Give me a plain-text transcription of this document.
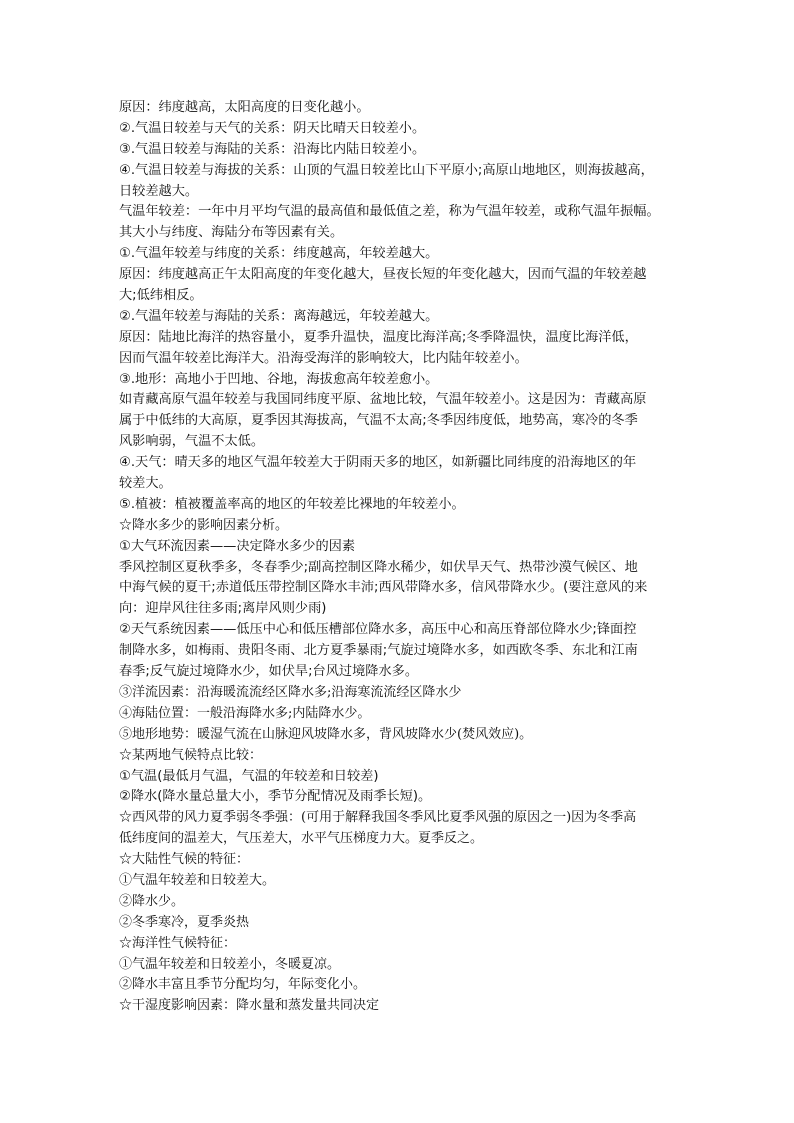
原因：纬度越高，太阳高度的日变化越小。
②.气温日较差与天气的关系：阴天比晴天日较差小。
③.气温日较差与海陆的关系：沿海比内陆日较差小。
④.气温日较差与海拔的关系：山顶的气温日较差比山下平原小;高原山地地区，则海拔越高，
日较差越大。
气温年较差：一年中月平均气温的最高值和最低值之差，称为气温年较差，或称气温年振幅。
其大小与纬度、海陆分布等因素有关。
①.气温年较差与纬度的关系：纬度越高，年较差越大。
原因：纬度越高正午太阳高度的年变化越大，昼夜长短的年变化越大，因而气温的年较差越
大;低纬相反。
②.气温年较差与海陆的关系：离海越远，年较差越大。
原因：陆地比海洋的热容量小，夏季升温快，温度比海洋高;冬季降温快，温度比海洋低，
因而气温年较差比海洋大。沿海受海洋的影响较大，比内陆年较差小。
③.地形：高地小于凹地、谷地，海拔愈高年较差愈小。
如青藏高原气温年较差与我国同纬度平原、盆地比较，气温年较差小。这是因为：青藏高原
属于中低纬的大高原，夏季因其海拔高，气温不太高;冬季因纬度低，地势高，寒冷的冬季
风影响弱，气温不太低。
④.天气：晴天多的地区气温年较差大于阴雨天多的地区，如新疆比同纬度的沿海地区的年
较差大。
⑤.植被：植被覆盖率高的地区的年较差比裸地的年较差小。
☆降水多少的影响因素分析。
①大气环流因素——决定降水多少的因素
季风控制区夏秋季多，冬春季少;副高控制区降水稀少，如伏旱天气、热带沙漠气候区、地
中海气候的夏干;赤道低压带控制区降水丰沛;西风带降水多，信风带降水少。(要注意风的来
向：迎岸风往往多雨;离岸风则少雨)
②天气系统因素——低压中心和低压槽部位降水多，高压中心和高压脊部位降水少;锋面控
制降水多，如梅雨、贵阳冬雨、北方夏季暴雨;气旋过境降水多，如西欧冬季、东北和江南
春季;反气旋过境降水少，如伏旱;台风过境降水多。
③洋流因素：沿海暖流流经区降水多;沿海寒流流经区降水少
④海陆位置：一般沿海降水多;内陆降水少。
⑤地形地势：暖湿气流在山脉迎风坡降水多，背风坡降水少(焚风效应)。
☆某两地气候特点比较：
①气温(最低月气温，气温的年较差和日较差)
②降水(降水量总量大小，季节分配情况及雨季长短)。
☆西风带的风力夏季弱冬季强：(可用于解释我国冬季风比夏季风强的原因之一)因为冬季高
低纬度间的温差大，气压差大，水平气压梯度力大。夏季反之。
☆大陆性气候的特征：
①气温年较差和日较差大。
②降水少。
②冬季寒冷，夏季炎热
☆海洋性气候特征：
①气温年较差和日较差小，冬暖夏凉。
②降水丰富且季节分配均匀，年际变化小。
☆干湿度影响因素：降水量和蒸发量共同决定
